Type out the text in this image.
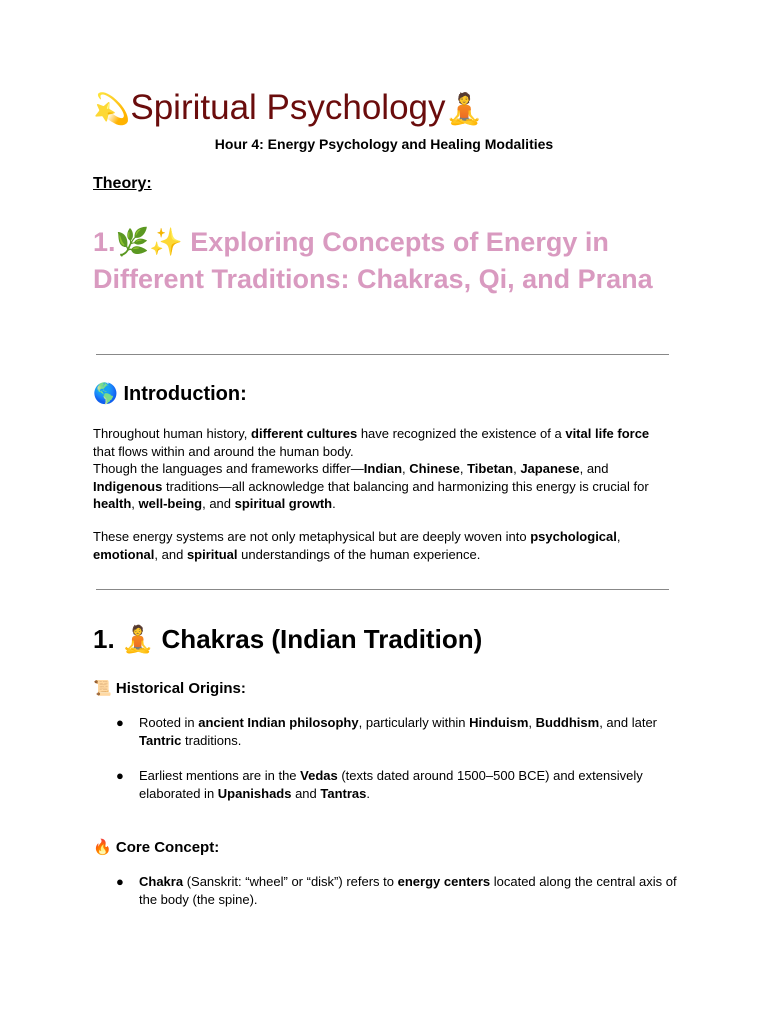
💫Spiritual Psychology🧘

Hour 4: Energy Psychology and Healing Modalities

Theory:

1.🌿✨ Exploring Concepts of Energy in Different Traditions: Chakras, Qi, and Prana
🌎 Introduction:

Throughout human history, different cultures have recognized the existence of a vital life force that flows within and around the human body.
Though the languages and frameworks differ—Indian, Chinese, Tibetan, Japanese, and Indigenous traditions—all acknowledge that balancing and harmonizing this energy is crucial for health, well-being, and spiritual growth.

These energy systems are not only metaphysical but are deeply woven into psychological, emotional, and spiritual understandings of the human experience.

1. 🧘 Chakras (Indian Tradition)
📜 Historical Origins:
● Rooted in ancient Indian philosophy, particularly within Hinduism, Buddhism, and later Tantric traditions.
● Earliest mentions are in the Vedas (texts dated around 1500–500 BCE) and extensively elaborated in Upanishads and Tantras.
🔥 Core Concept:
● Chakra (Sanskrit: “wheel” or “disk”) refers to energy centers located along the central axis of the body (the spine).
